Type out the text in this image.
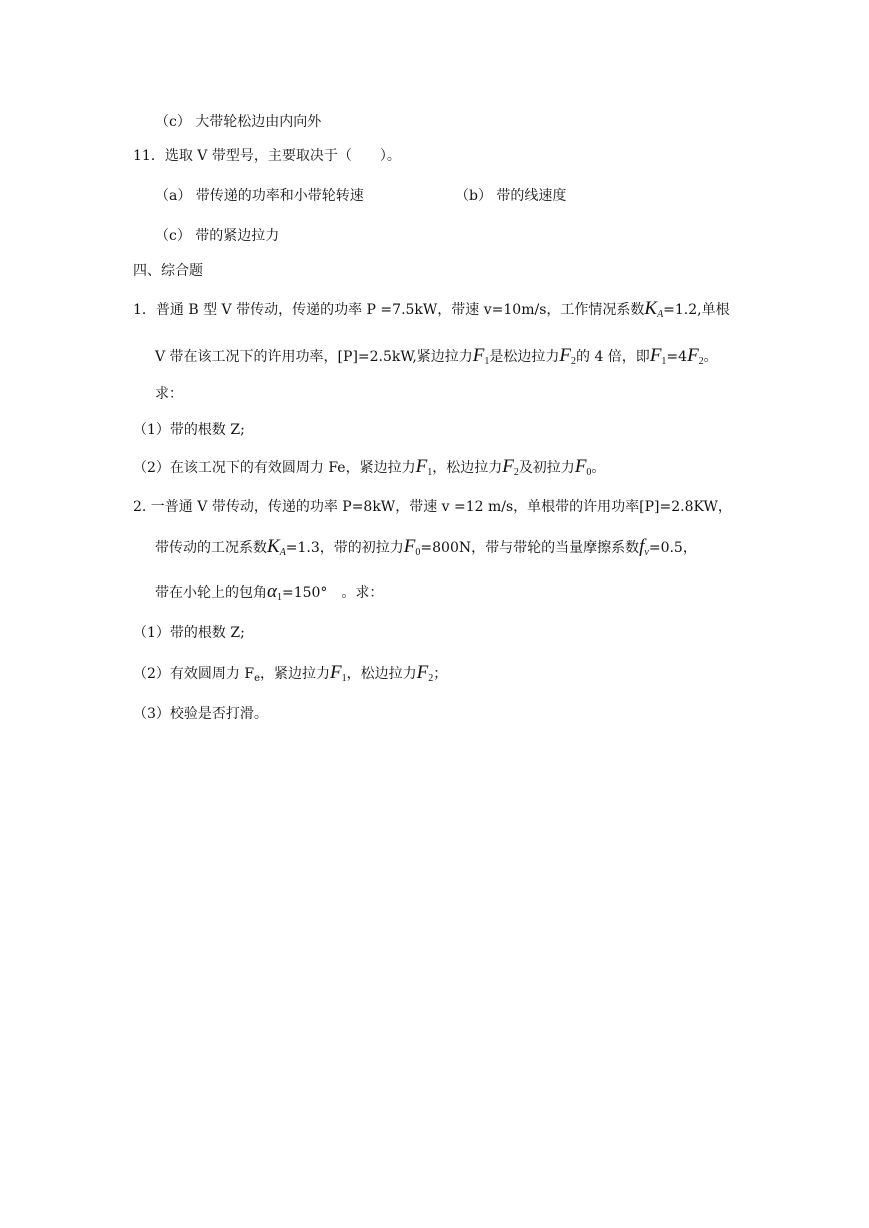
（c） 大带轮松边由内向外
11．选取 V 带型号，主要取决于（　　）。
（a） 带传递的功率和小带轮转速	（b） 带的线速度
（c） 带的紧边拉力
四、综合题
1．普通 B 型 V 带传动，传递的功率 P =7.5kW，带速 v=10m/s，工作情况系数KA=1.2,单根
V 带在该工况下的许用功率，[P]=2.5kW,紧边拉力$F_1$是松边拉力$F_2$的 4 倍，即$F_1=4F_2$。
求：
（1）带的根数 Z;
（2）在该工况下的有效圆周力 Fe，紧边拉力$F_1$，松边拉力$F_2$及初拉力$F_0$。
2. 一普通 V 带传动，传递的功率 P=8kW，带速 v =12 m/s，单根带的许用功率[P]=2.8KW，
带传动的工况系数KA=1.3，带的初拉力$F_0=800N$，带与带轮的当量摩擦系数fv=0.5，
带在小轮上的包角$\alpha_1=150^\circ$　。求：
（1）带的根数 Z;
（2）有效圆周力 $F_e$，紧边拉力$F_1$，松边拉力$F_2$；
（3）校验是否打滑。
